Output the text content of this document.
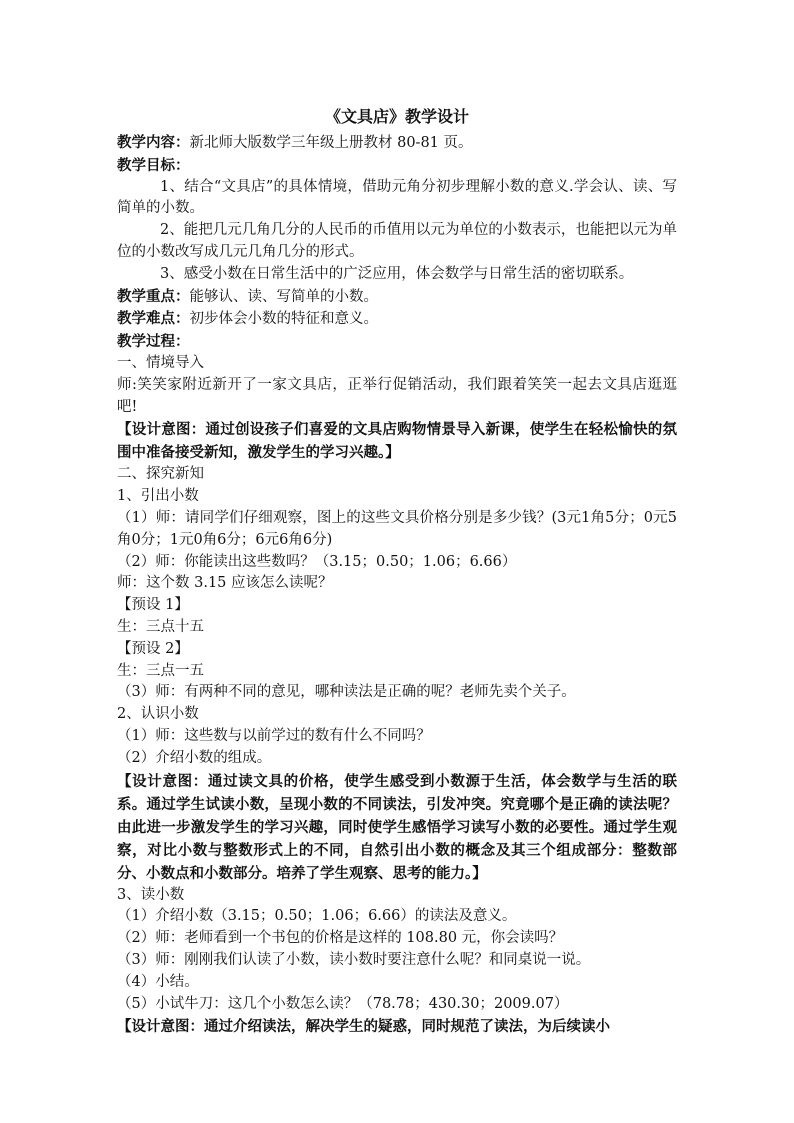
《文具店》教学设计

教学内容：新北师大版数学三年级上册教材 80-81 页。

教学目标：

1、结合“文具店”的具体情境，借助元角分初步理解小数的意义.学会认、读、写简单的小数。

2、能把几元几角几分的人民币的币值用以元为单位的小数表示，也能把以元为单位的小数改写成几元几角几分的形式。

3、感受小数在日常生活中的广泛应用，体会数学与日常生活的密切联系。

教学重点：能够认、读、写简单的小数。

教学难点：初步体会小数的特征和意义。

教学过程：

一、情境导入

师:笑笑家附近新开了一家文具店，正举行促销活动，我们跟着笑笑一起去文具店逛逛吧!

【设计意图：通过创设孩子们喜爱的文具店购物情景导入新课，使学生在轻松愉快的氛围中准备接受新知，激发学生的学习兴趣。】

二、探究新知

1、引出小数

（1）师：请同学们仔细观察，图上的这些文具价格分别是多少钱？(3元1角5分；0元5角0分；1元0角6分；6元6角6分)

（2）师：你能读出这些数吗？（3.15；0.50；1.06；6.66）

师：这个数 3.15 应该怎么读呢？

【预设 1】

生：三点十五

【预设 2】

生：三点一五

（3）师：有两种不同的意见，哪种读法是正确的呢？老师先卖个关子。

2、认识小数

（1）师：这些数与以前学过的数有什么不同吗？

（2）介绍小数的组成。

【设计意图：通过读文具的价格，使学生感受到小数源于生活，体会数学与生活的联系。通过学生试读小数，呈现小数的不同读法，引发冲突。究竟哪个是正确的读法呢？由此进一步激发学生的学习兴趣，同时使学生感悟学习读写小数的必要性。通过学生观察，对比小数与整数形式上的不同，自然引出小数的概念及其三个组成部分：整数部分、小数点和小数部分。培养了学生观察、思考的能力。】

3、读小数

（1）介绍小数（3.15；0.50；1.06；6.66）的读法及意义。

（2）师：老师看到一个书包的价格是这样的 108.80 元，你会读吗？

（3）师：刚刚我们认读了小数，读小数时要注意什么呢？和同桌说一说。

（4）小结。

（5）小试牛刀：这几个小数怎么读？（78.78；430.30；2009.07）

【设计意图：通过介绍读法，解决学生的疑惑，同时规范了读法，为后续读小
